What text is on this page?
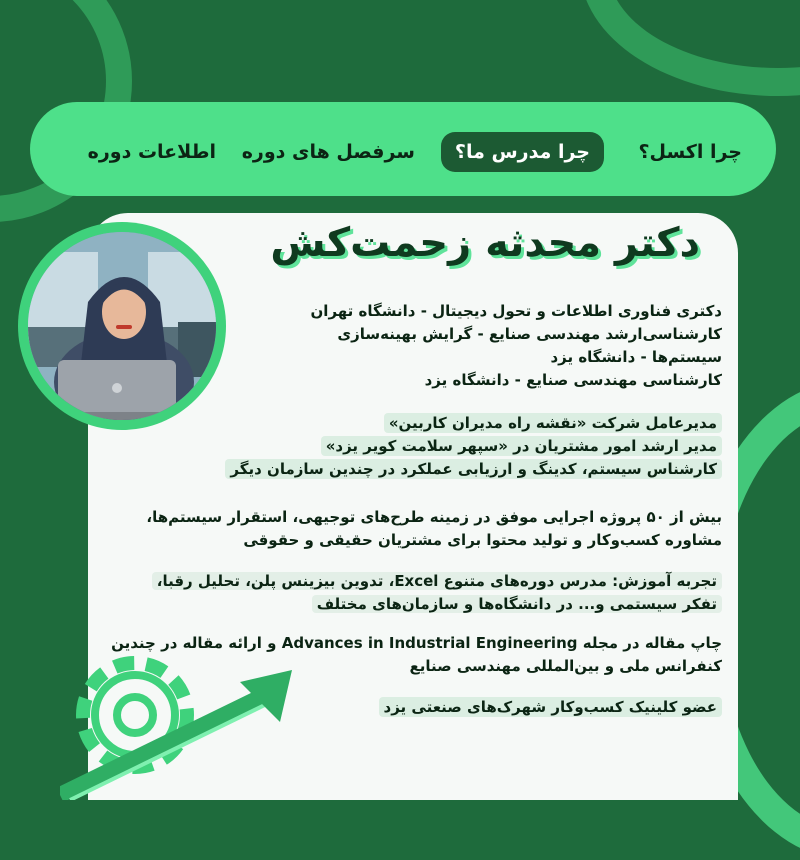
چرا اکسل؟
چرا مدرس ما؟
سرفصل های دوره
اطلاعات دوره
دکتر محدثه زحمت‌کش
دکتری فناوری اطلاعات و تحول دیجیتال - دانشگاه تهران
کارشناسی‌ارشد مهندسی صنایع - گرایش بهینه‌سازی
سیستم‌ها - دانشگاه یزد
کارشناسی مهندسی صنایع - دانشگاه یزد
مدیرعامل شرکت «نقشه راه مدیران کاربین»
مدیر ارشد امور مشتریان در «سپهر سلامت کویر یزد»
کارشناس سیستم، کدینگ و ارزیابی عملکرد در چندین سازمان دیگر
بیش از ۵۰ پروژه اجرایی موفق در زمینه طرح‌های توجیهی، استقرار سیستم‌ها،
مشاوره کسب‌وکار و تولید محتوا برای مشتریان حقیقی و حقوقی
تجربه آموزش: مدرس دوره‌های متنوع Excel، تدوین بیزینس پلن، تحلیل رقبا،
تفکر سیستمی و... در دانشگاه‌ها و سازمان‌های مختلف
چاپ مقاله در مجله Advances in Industrial Engineering و ارائه مقاله در چندین
کنفرانس ملی و بین‌المللی مهندسی صنایع
عضو کلینیک کسب‌وکار شهرک‌های صنعتی یزد
